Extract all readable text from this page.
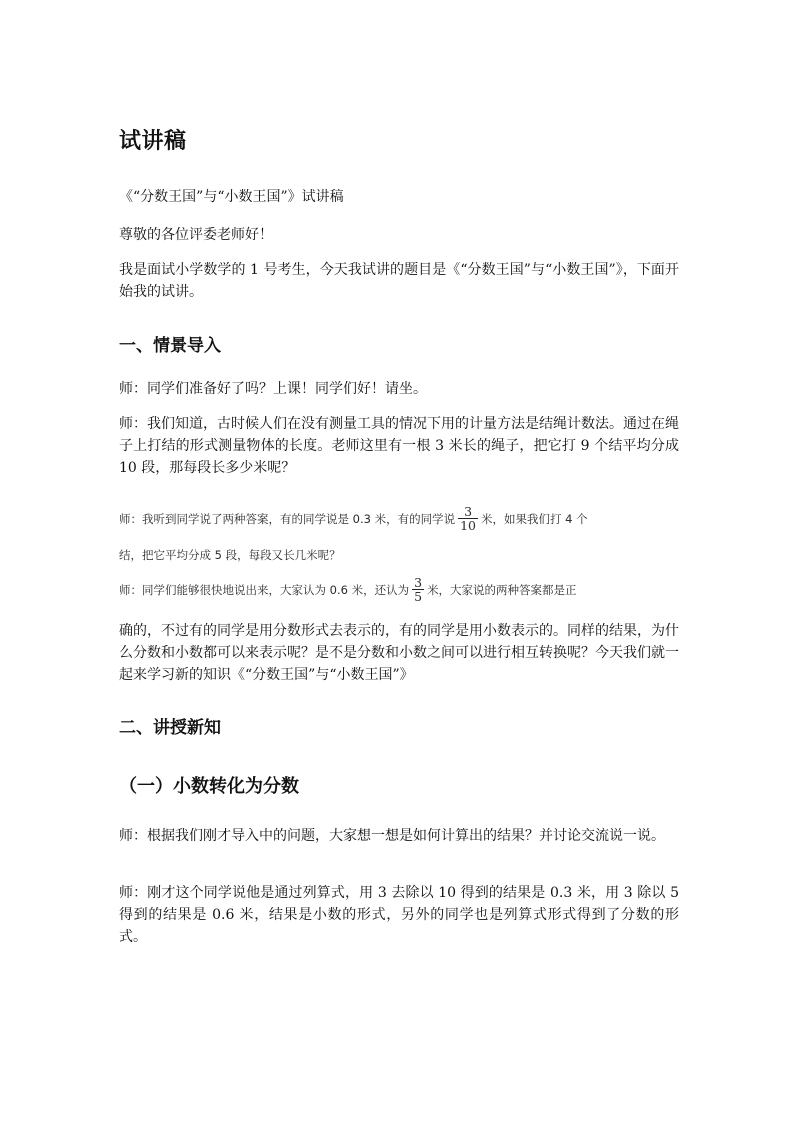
试讲稿

《“分数王国”与“小数王国”》试讲稿

尊敬的各位评委老师好！

我是面试小学数学的 1 号考生，今天我试讲的题目是《“分数王国”与“小数王国”》，下面开始我的试讲。

一、情景导入

师：同学们准备好了吗？上课！同学们好！请坐。

师：我们知道，古时候人们在没有测量工具的情况下用的计量方法是结绳计数法。通过在绳子上打结的形式测量物体的长度。老师这里有一根 3 米长的绳子，把它打 9 个结平均分成 10 段，那每段长多少米呢？

师：我听到同学说了两种答案，有的同学说是 0.3 米，有的同学说 $\frac{3}{10}$ 米，如果我们打 4 个
结，把它平均分成 5 段，每段又长几米呢？
师：同学们能够很快地说出来，大家认为 0.6 米，还认为 $\frac{3}{5}$ 米，大家说的两种答案都是正

确的，不过有的同学是用分数形式去表示的，有的同学是用小数表示的。同样的结果，为什么分数和小数都可以来表示呢？是不是分数和小数之间可以进行相互转换呢？今天我们就一起来学习新的知识《“分数王国”与“小数王国”》

二、讲授新知
（一）小数转化为分数

师：根据我们刚才导入中的问题，大家想一想是如何计算出的结果？并讨论交流说一说。

师：刚才这个同学说他是通过列算式，用 3 去除以 10 得到的结果是 0.3 米，用 3 除以 5 得到的结果是 0.6 米，结果是小数的形式，另外的同学也是列算式形式得到了分数的形式。
